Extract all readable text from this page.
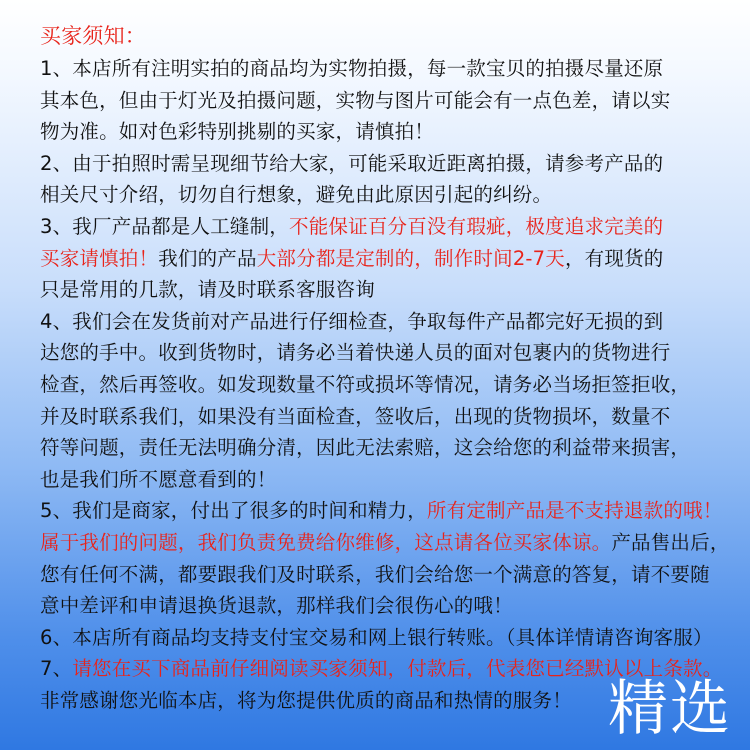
买家须知：
1、本店所有注明实拍的商品均为实物拍摄，每一款宝贝的拍摄尽量还原
其本色，但由于灯光及拍摄问题，实物与图片可能会有一点色差，请以实
物为准。如对色彩特别挑剔的买家，请慎拍！
2、由于拍照时需呈现细节给大家，可能采取近距离拍摄，请参考产品的
相关尺寸介绍，切勿自行想象，避免由此原因引起的纠纷。
3、我厂产品都是人工缝制，不能保证百分百没有瑕疵，极度追求完美的
买家请慎拍！我们的产品大部分都是定制的，制作时间2-7天，有现货的
只是常用的几款，请及时联系客服咨询
4、我们会在发货前对产品进行仔细检查，争取每件产品都完好无损的到
达您的手中。收到货物时，请务必当着快递人员的面对包裹内的货物进行
检查，然后再签收。如发现数量不符或损坏等情况，请务必当场拒签拒收，
并及时联系我们，如果没有当面检查，签收后，出现的货物损坏，数量不
符等问题，责任无法明确分清，因此无法索赔，这会给您的利益带来损害，
也是我们所不愿意看到的！
5、我们是商家，付出了很多的时间和精力，所有定制产品是不支持退款的哦！
属于我们的问题，我们负责免费给你维修，这点请各位买家体谅。产品售出后，
您有任何不满，都要跟我们及时联系，我们会给您一个满意的答复，请不要随
意中差评和申请退换货退款，那样我们会很伤心的哦！
6、本店所有商品均支持支付宝交易和网上银行转账。（具体详情请咨询客服）
7、请您在买下商品前仔细阅读买家须知，付款后，代表您已经默认以上条款。
非常感谢您光临本店，将为您提供优质的商品和热情的服务！ 精选
